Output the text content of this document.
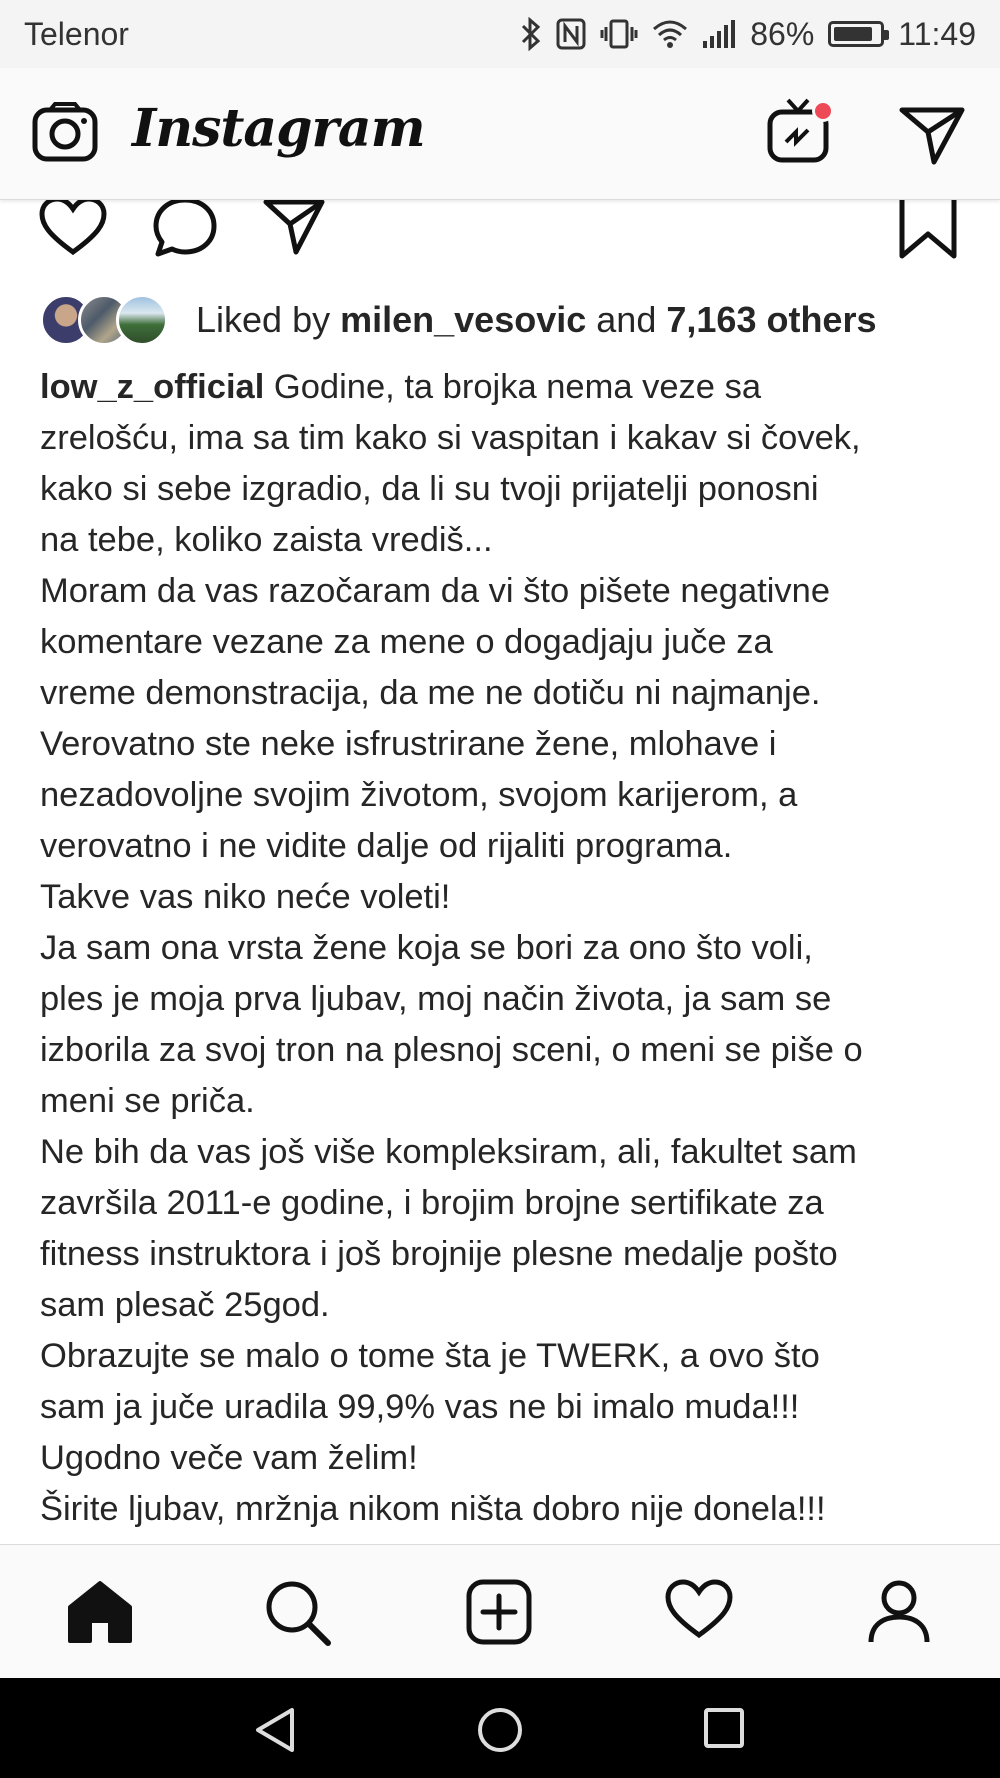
Telenor	86%	11:49
Instagram
Liked by milen_vesovic and 7,163 others
low_z_official Godine, ta brojka nema veze sa
zrelošću, ima sa tim kako si vaspitan i kakav si čovek,
kako si sebe izgradio, da li su tvoji prijatelji ponosni
na tebe, koliko zaista vrediš...
Moram da vas razočaram da vi što pišete negativne
komentare vezane za mene o dogadjaju juče za
vreme demonstracija, da me ne dotiču ni najmanje.
Verovatno ste neke isfrustrirane žene, mlohave i
nezadovoljne svojim životom, svojom karijerom, a
verovatno i ne vidite dalje od rijaliti programa.
Takve vas niko neće voleti!
Ja sam ona vrsta žene koja se bori za ono što voli,
ples je moja prva ljubav, moj način života, ja sam se
izborila za svoj tron na plesnoj sceni, o meni se piše o
meni se priča.
Ne bih da vas još više kompleksiram, ali, fakultet sam
završila 2011-e godine, i brojim brojne sertifikate za
fitness instruktora i još brojnije plesne medalje pošto
sam plesač 25god.
Obrazujte se malo o tome šta je TWERK, a ovo što
sam ja juče uradila 99,9% vas ne bi imalo muda!!!
Ugodno veče vam želim!
Širite ljubav, mržnja nikom ništa dobro nije donela!!!
